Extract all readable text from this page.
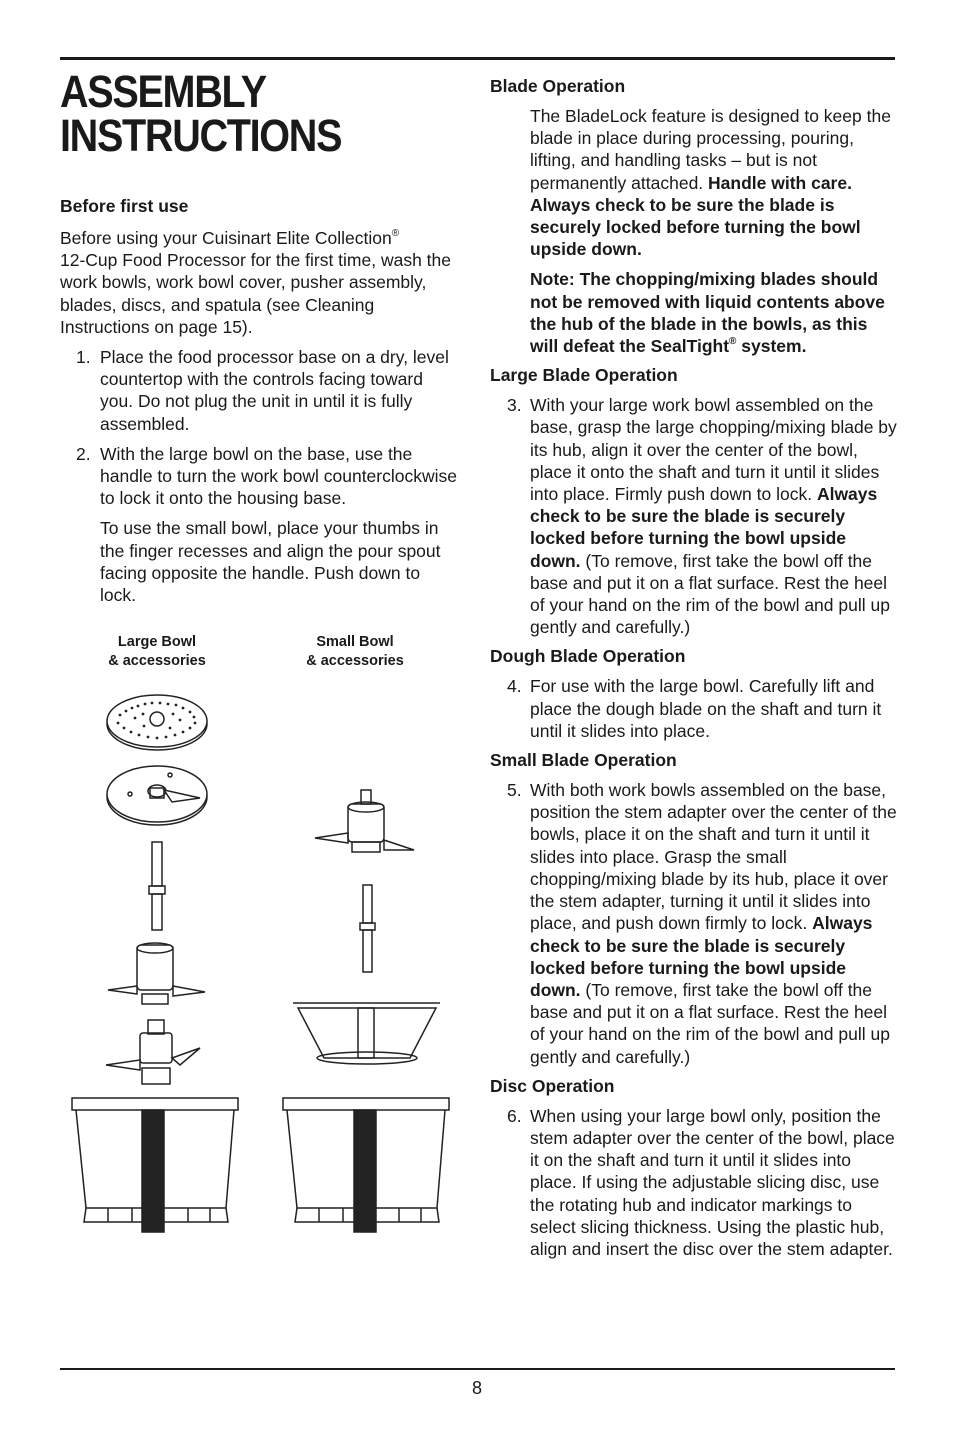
ASSEMBLY
INSTRUCTIONS
Before first use

Before using your Cuisinart Elite Collection®
12-Cup Food Processor for the first time, wash the work bowls, work bowl cover, pusher assembly, blades, discs, and spatula (see Cleaning Instructions on page 15).

1. Place the food processor base on a dry, level countertop with the controls facing toward you. Do not plug the unit in until it is fully assembled.
2. With the large bowl on the base, use the handle to turn the work bowl counterclockwise to lock it onto the housing base.

To use the small bowl, place your thumbs in the finger recesses and align the pour spout facing opposite the handle. Push down to lock.

Large Bowl
& accessories
Small Bowl
& accessories
Blade Operation

The BladeLock feature is designed to keep the blade in place during processing, pouring, lifting, and handling tasks – but is not permanently attached. Handle with care. Always check to be sure the blade is securely locked before turning the bowl upside down.

Note: The chopping/mixing blades should not be removed with liquid contents above the hub of the blade in the bowls, as this will defeat the SealTight® system.

Large Blade Operation
3. With your large work bowl assembled on the base, grasp the large chopping/mixing blade by its hub, align it over the center of the bowl, place it onto the shaft and turn it until it slides into place. Firmly push down to lock. Always check to be sure the blade is securely locked before turning the bowl upside down. (To remove, first take the bowl off the base and put it on a flat surface. Rest the heel of your hand on the rim of the bowl and pull up gently and carefully.)
Dough Blade Operation
4. For use with the large bowl. Carefully lift and place the dough blade on the shaft and turn it until it slides into place.
Small Blade Operation
5. With both work bowls assembled on the base, position the stem adapter over the center of the bowls, place it on the shaft and turn it until it slides into place. Grasp the small chopping/mixing blade by its hub, place it over the stem adapter, turning it until it slides into place, and push down firmly to lock. Always check to be sure the blade is securely locked before turning the bowl upside down. (To remove, first take the bowl off the base and put it on a flat surface. Rest the heel of your hand on the rim of the bowl and pull up gently and carefully.)
Disc Operation
6. When using your large bowl only, position the stem adapter over the center of the bowl, place it on the shaft and turn it until it slides into place. If using the adjustable slicing disc, use the rotating hub and indicator markings to select slicing thickness. Using the plastic hub, align and insert the disc over the stem adapter.
8
